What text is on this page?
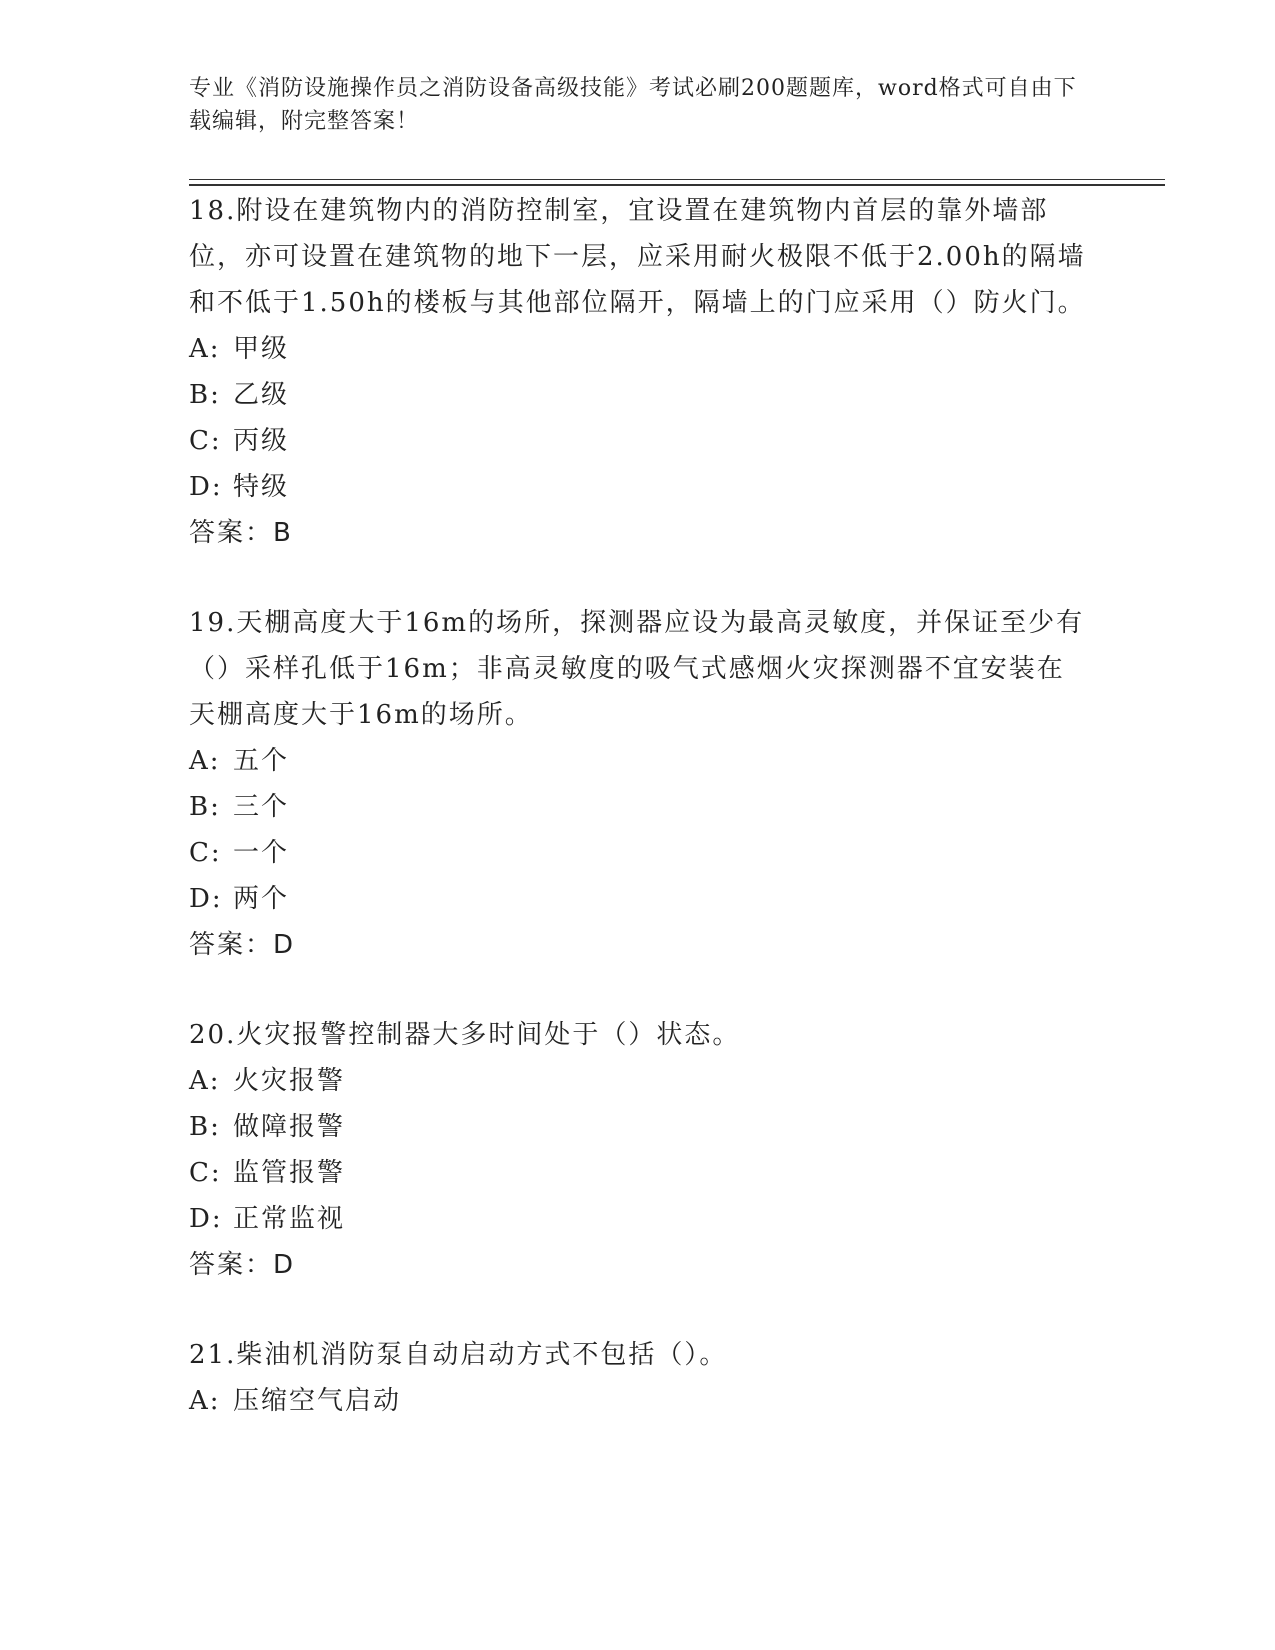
专业《消防设施操作员之消防设备高级技能》考试必刷200题题库，word格式可自由下载编辑，附完整答案！
18.附设在建筑物内的消防控制室，宜设置在建筑物内首层的靠外墙部位，亦可设置在建筑物的地下一层，应采用耐火极限不低于2.00h的隔墙和不低于1.50h的楼板与其他部位隔开，隔墙上的门应采用（）防火门。
A: 甲级
B: 乙级
C: 丙级
D: 特级
答案：B
19.天棚高度大于16m的场所，探测器应设为最高灵敏度，并保证至少有（）采样孔低于16m；非高灵敏度的吸气式感烟火灾探测器不宜安装在天棚高度大于16m的场所。
A: 五个
B: 三个
C: 一个
D: 两个
答案：D
20.火灾报警控制器大多时间处于（）状态。
A: 火灾报警
B: 做障报警
C: 监管报警
D: 正常监视
答案：D
21.柴油机消防泵自动启动方式不包括（）。
A: 压缩空气启动
